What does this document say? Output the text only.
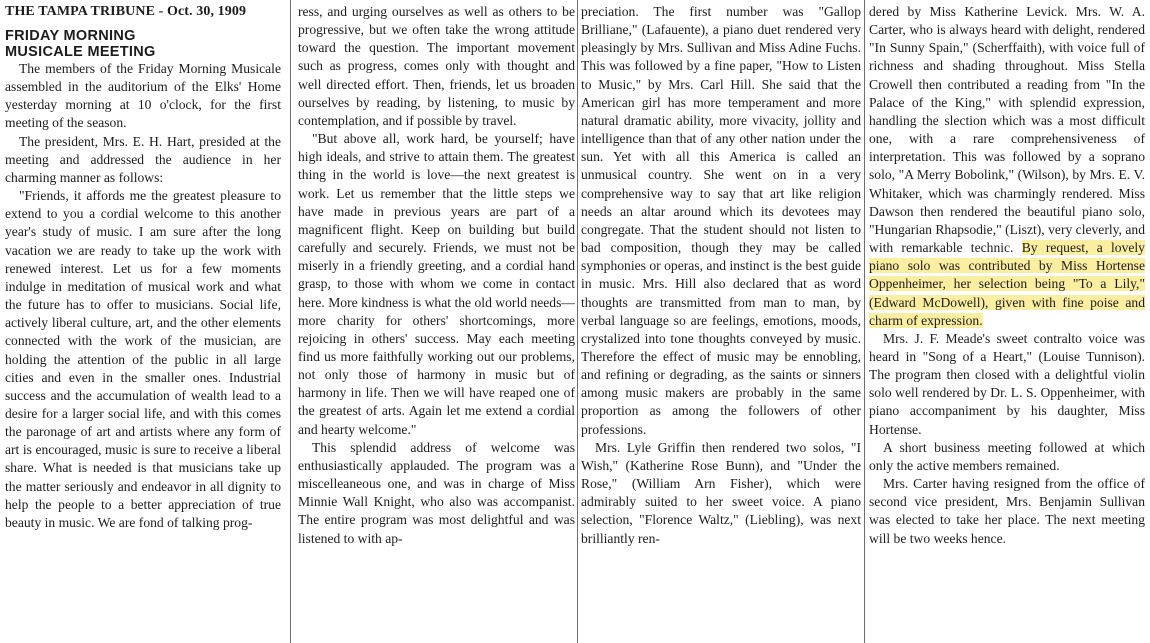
THE TAMPA TRIBUNE - Oct. 30, 1909
FRIDAY MORNING
MUSICALE MEETING

The members of the Friday Morning Musicale assembled in the auditorium of the Elks' Home yesterday morning at 10 o'clock, for the first meeting of the season.

The president, Mrs. E. H. Hart, presided at the meeting and addressed the audience in her charming manner as follows:

"Friends, it affords me the greatest pleasure to extend to you a cordial welcome to this another year's study of music. I am sure after the long vacation we are ready to take up the work with renewed interest. Let us for a few moments indulge in meditation of musical work and what the future has to offer to musicians. Social life, actively liberal culture, art, and the other elements connected with the work of the musician, are holding the attention of the public in all large cities and even in the smaller ones. Industrial success and the accumulation of wealth lead to a desire for a larger social life, and with this comes the paronage of art and artists where any form of art is encouraged, music is sure to receive a liberal share. What is needed is that musicians take up the matter seriously and endeavor in all dignity to help the people to a better appreciation of true beauty in music. We are fond of talking prog-

ress, and urging ourselves as well as others to be progressive, but we often take the wrong attitude toward the question. The important movement such as progress, comes only with thought and well directed effort. Then, friends, let us broaden ourselves by reading, by listening, to music by contemplation, and if possible by travel.

"But above all, work hard, be yourself; have high ideals, and strive to attain them. The greatest thing in the world is love—the next greatest is work. Let us remember that the little steps we have made in previous years are part of a magnificent flight. Keep on building but build carefully and securely. Friends, we must not be miserly in a friendly greeting, and a cordial hand grasp, to those with whom we come in contact here. More kindness is what the old world needs—more charity for others' shortcomings, more rejoicing in others' success. May each meeting find us more faithfully working out our problems, not only those of harmony in music but of harmony in life. Then we will have reaped one of the greatest of arts. Again let me extend a cordial and hearty welcome."

This splendid address of welcome was enthusiastically applauded. The program was a miscelleaneous one, and was in charge of Miss Minnie Wall Knight, who also was accompanist. The entire program was most delightful and was listened to with ap-

preciation. The first number was "Gallop Brilliane," (Lafauente), a piano duet rendered very pleasingly by Mrs. Sullivan and Miss Adine Fuchs. This was followed by a fine paper, "How to Listen to Music," by Mrs. Carl Hill. She said that the American girl has more temperament and more natural dramatic ability, more vivacity, jollity and intelligence than that of any other nation under the sun. Yet with all this America is called an unmusical country. She went on in a very comprehensive way to say that art like religion needs an altar around which its devotees may congregate. That the student should not listen to bad composition, though they may be called symphonies or operas, and instinct is the best guide in music. Mrs. Hill also declared that as word thoughts are transmitted from man to man, by verbal language so are feelings, emotions, moods, crystalized into tone thoughts conveyed by music. Therefore the effect of music may be ennobling, and refining or degrading, as the saints or sinners among music makers are probably in the same proportion as among the followers of other professions.

Mrs. Lyle Griffin then rendered two solos, "I Wish," (Katherine Rose Bunn), and "Under the Rose," (William Arn Fisher), which were admirably suited to her sweet voice. A piano selection, "Florence Waltz," (Liebling), was next brilliantly ren-

dered by Miss Katherine Levick. Mrs. W. A. Carter, who is always heard with delight, rendered "In Sunny Spain," (Scherffaith), with voice full of richness and shading throughout. Miss Stella Crowell then contributed a reading from "In the Palace of the King," with splendid expression, handling the slection which was a most difficult one, with a rare comprehensiveness of interpretation. This was followed by a soprano solo, "A Merry Bobolink," (Wilson), by Mrs. E. V. Whitaker, which was charmingly rendered. Miss Dawson then rendered the beautiful piano solo, "Hungarian Rhapsodie," (Liszt), very cleverly, and with remarkable technic. By request, a lovely piano solo was contributed by Miss Hortense Oppenheimer, her selection being "To a Lily," (Edward McDowell), given with fine poise and charm of expression.

Mrs. J. F. Meade's sweet contralto voice was heard in "Song of a Heart," (Louise Tunnison). The program then closed with a delightful violin solo well rendered by Dr. L. S. Oppenheimer, with piano accompaniment by his daughter, Miss Hortense.

A short business meeting followed at which only the active members remained.

Mrs. Carter having resigned from the office of second vice president, Mrs. Benjamin Sullivan was elected to take her place. The next meeting will be two weeks hence.
